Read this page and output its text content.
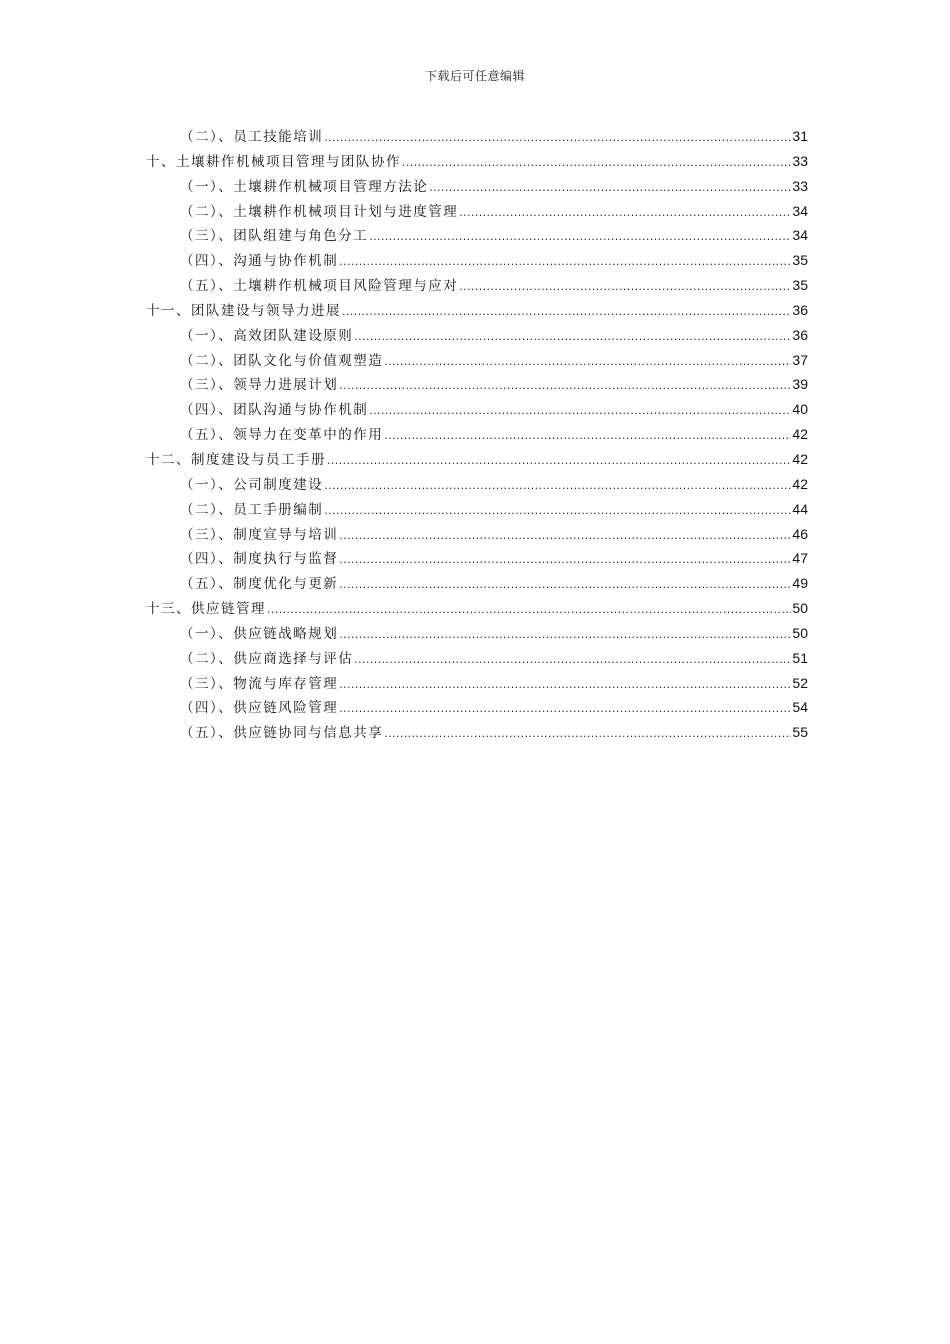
下载后可任意编辑
（二）、员工技能培训 .....	31
十、土壤耕作机械项目管理与团队协作 .....	33
（一）、土壤耕作机械项目管理方法论 .....	33
（二）、土壤耕作机械项目计划与进度管理 .....	34
（三）、团队组建与角色分工 .....	34
（四）、沟通与协作机制 .....	35
（五）、土壤耕作机械项目风险管理与应对 .....	35
十一、团队建设与领导力进展 .....	36
（一）、高效团队建设原则 .....	36
（二）、团队文化与价值观塑造 .....	37
（三）、领导力进展计划 .....	39
（四）、团队沟通与协作机制 .....	40
（五）、领导力在变革中的作用 .....	42
十二、制度建设与员工手册 .....	42
（一）、公司制度建设 .....	42
（二）、员工手册编制 .....	44
（三）、制度宣导与培训 .....	46
（四）、制度执行与监督 .....	47
（五）、制度优化与更新 .....	49
十三、供应链管理 .....	50
（一）、供应链战略规划 .....	50
（二）、供应商选择与评估 .....	51
（三）、物流与库存管理 .....	52
（四）、供应链风险管理 .....	54
（五）、供应链协同与信息共享 .....	55
